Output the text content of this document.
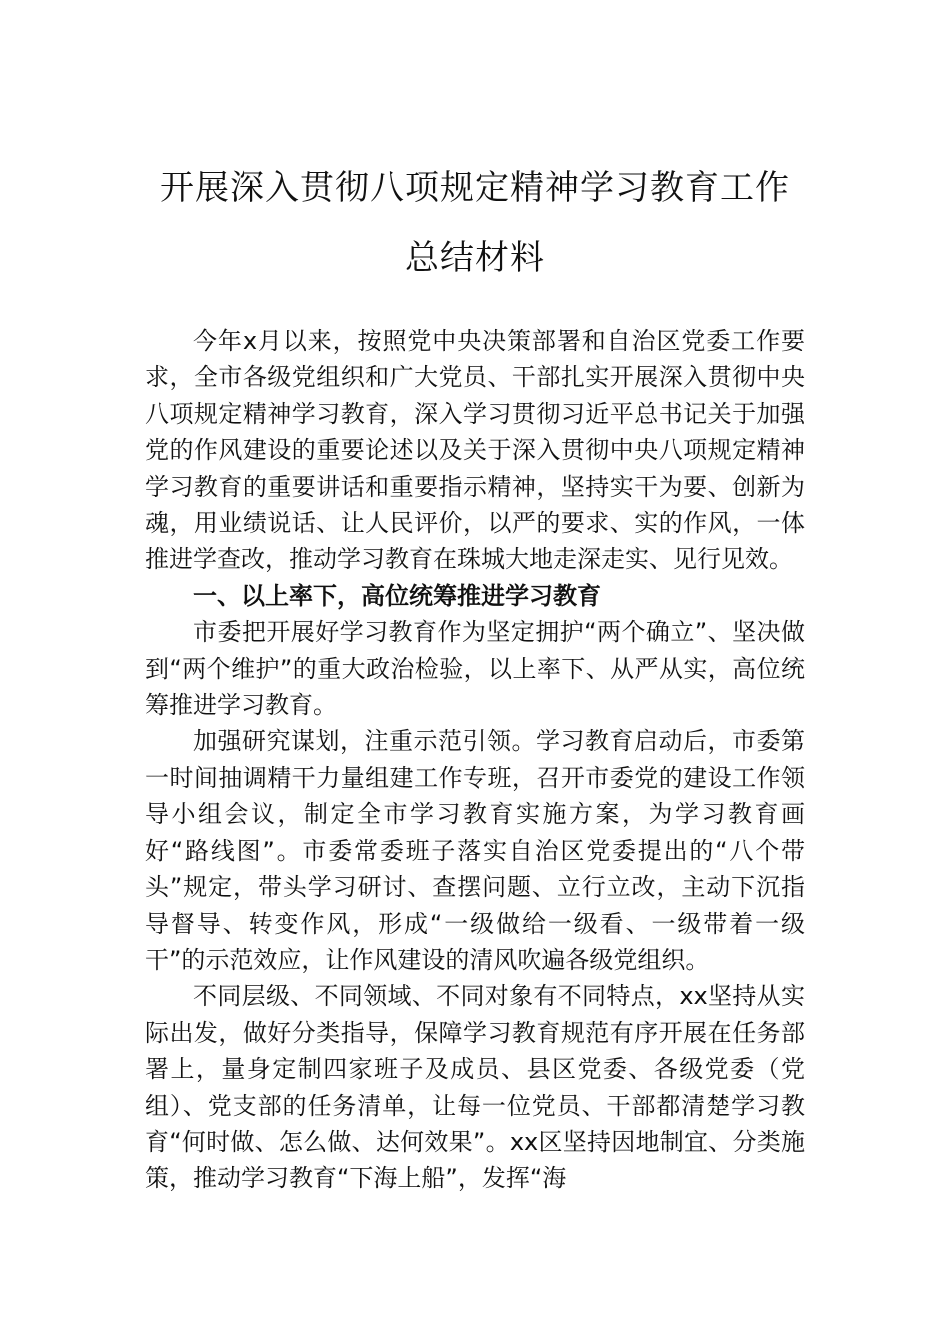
开展深入贯彻八项规定精神学习教育工作
总结材料

今年x月以来，按照党中央决策部署和自治区党委工作要求，全市各级党组织和广大党员、干部扎实开展深入贯彻中央八项规定精神学习教育，深入学习贯彻习近平总书记关于加强党的作风建设的重要论述以及关于深入贯彻中央八项规定精神学习教育的重要讲话和重要指示精神，坚持实干为要、创新为魂，用业绩说话、让人民评价，以严的要求、实的作风，一体推进学查改，推动学习教育在珠城大地走深走实、见行见效。

一、以上率下，高位统筹推进学习教育

市委把开展好学习教育作为坚定拥护“两个确立”、坚决做到“两个维护”的重大政治检验，以上率下、从严从实，高位统筹推进学习教育。

加强研究谋划，注重示范引领。学习教育启动后，市委第一时间抽调精干力量组建工作专班，召开市委党的建设工作领导小组会议，制定全市学习教育实施方案，为学习教育画好“路线图”。市委常委班子落实自治区党委提出的“八个带头”规定，带头学习研讨、查摆问题、立行立改，主动下沉指导督导、转变作风，形成“一级做给一级看、一级带着一级干”的示范效应，让作风建设的清风吹遍各级党组织。

不同层级、不同领域、不同对象有不同特点，xx坚持从实际出发，做好分类指导，保障学习教育规范有序开展在任务部署上，量身定制四家班子及成员、县区党委、各级党委（党组）、党支部的任务清单，让每一位党员、干部都清楚学习教育“何时做、怎么做、达何效果”。xx区坚持因地制宜、分类施策，推动学习教育“下海上船”，发挥“海
